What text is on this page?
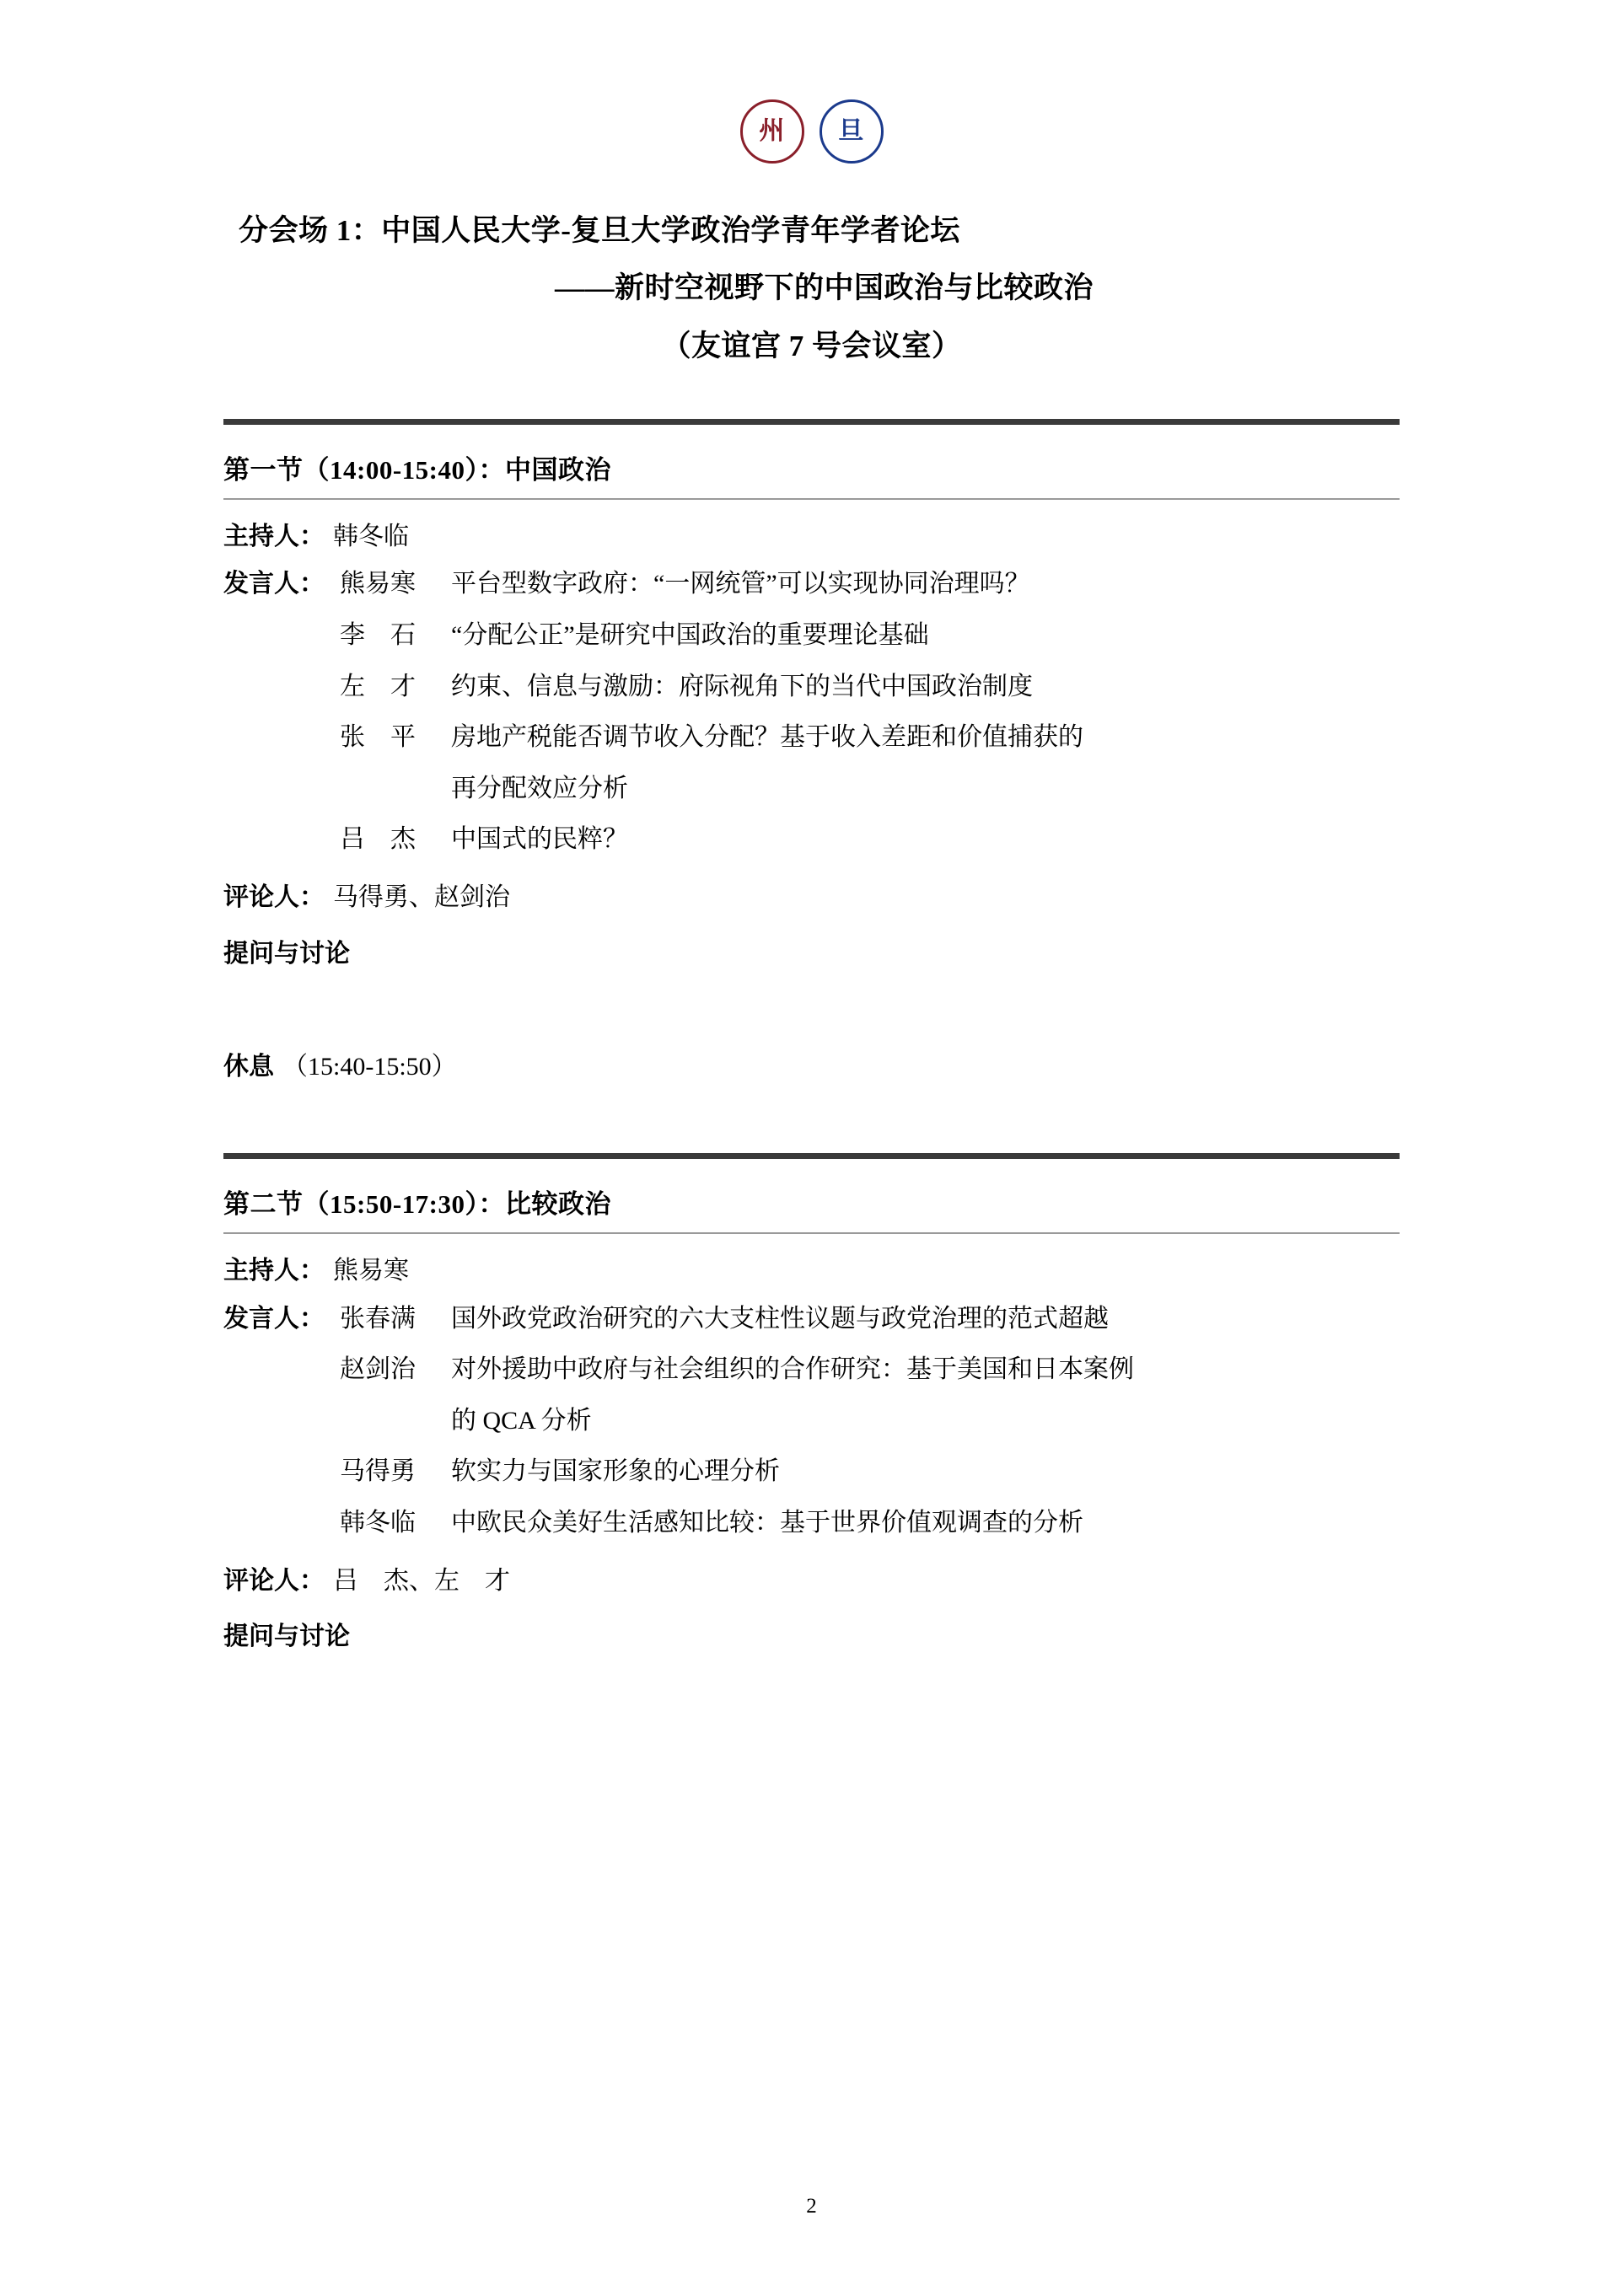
州 旦
分会场 1：中国人民大学-复旦大学政治学青年学者论坛
——新时空视野下的中国政治与比较政治
（友谊宫 7 号会议室）
第一节（14:00-15:40）：中国政治
主持人： 韩冬临
发言人： 熊易寒	平台型数字政府：“一网统管”可以实现协同治理吗？
李　石	“分配公正”是研究中国政治的重要理论基础
左　才	约束、信息与激励：府际视角下的当代中国政治制度
张　平	房地产税能否调节收入分配？基于收入差距和价值捕获的
再分配效应分析
吕　杰	中国式的民粹？
评论人： 马得勇、赵剑治
提问与讨论
休息 （15:40-15:50）
第二节（15:50-17:30）：比较政治
主持人： 熊易寒
发言人： 张春满	国外政党政治研究的六大支柱性议题与政党治理的范式超越
赵剑治	对外援助中政府与社会组织的合作研究：基于美国和日本案例
的 QCA 分析
马得勇	软实力与国家形象的心理分析
韩冬临	中欧民众美好生活感知比较：基于世界价值观调查的分析
评论人： 吕　杰、左　才
提问与讨论
2
